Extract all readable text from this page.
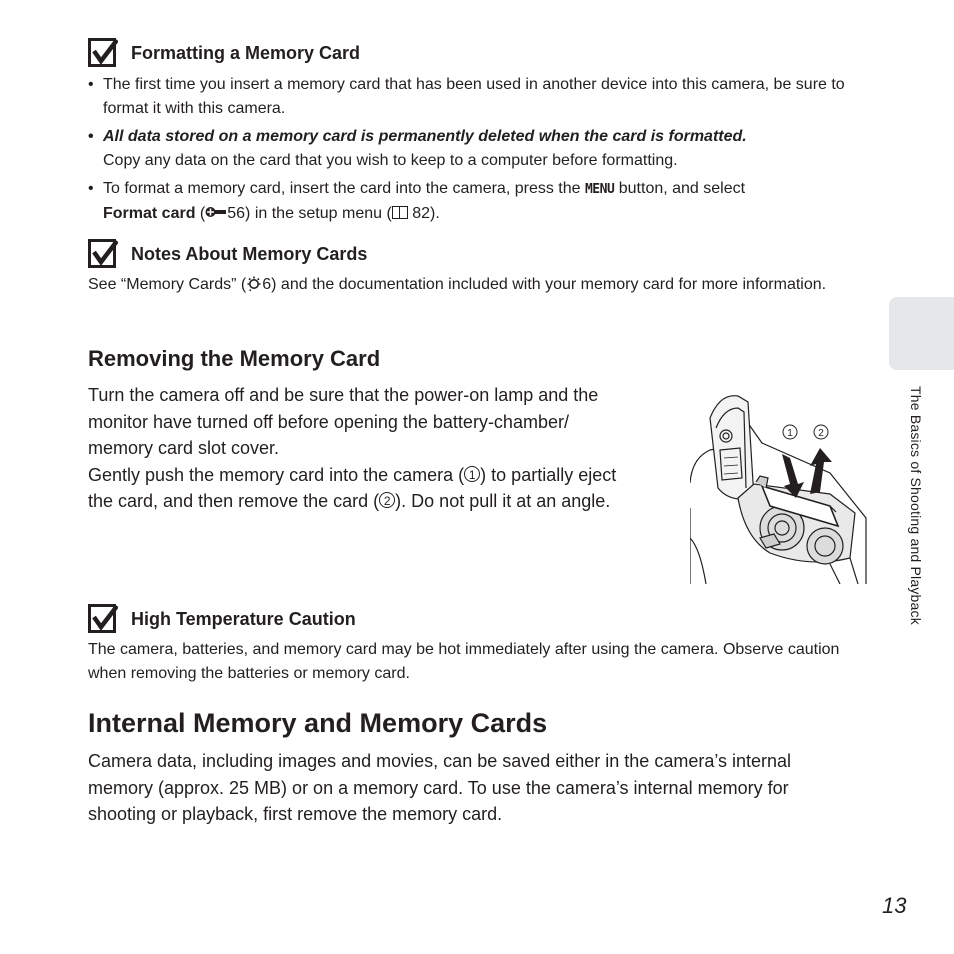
Formatting a Memory Card
• The first time you insert a memory card that has been used in another device into this camera, be sure to format it with this camera.
• All data stored on a memory card is permanently deleted when the card is formatted.
Copy any data on the card that you wish to keep to a computer before formatting.
• To format a memory card, insert the card into the camera, press the MENU button, and select
Format card ( 56) in the setup menu ( 82).
Notes About Memory Cards
See “Memory Cards” ( 6) and the documentation included with your memory card for more information.
Removing the Memory Card
Turn the camera off and be sure that the power-on lamp and the
monitor have turned off before opening the battery-chamber/
memory card slot cover.
Gently push the memory card into the camera ( 1 ) to partially eject
the card, and then remove the card ( 2 ). Do not pull it at an angle.
1	2
High Temperature Caution
The camera, batteries, and memory card may be hot immediately after using the camera. Observe caution when removing the batteries or memory card.
Internal Memory and Memory Cards
Camera data, including images and movies, can be saved either in the camera’s internal memory (approx. 25 MB) or on a memory card. To use the camera’s internal memory for shooting or playback, first remove the memory card.
The Basics of Shooting and Playback
13
